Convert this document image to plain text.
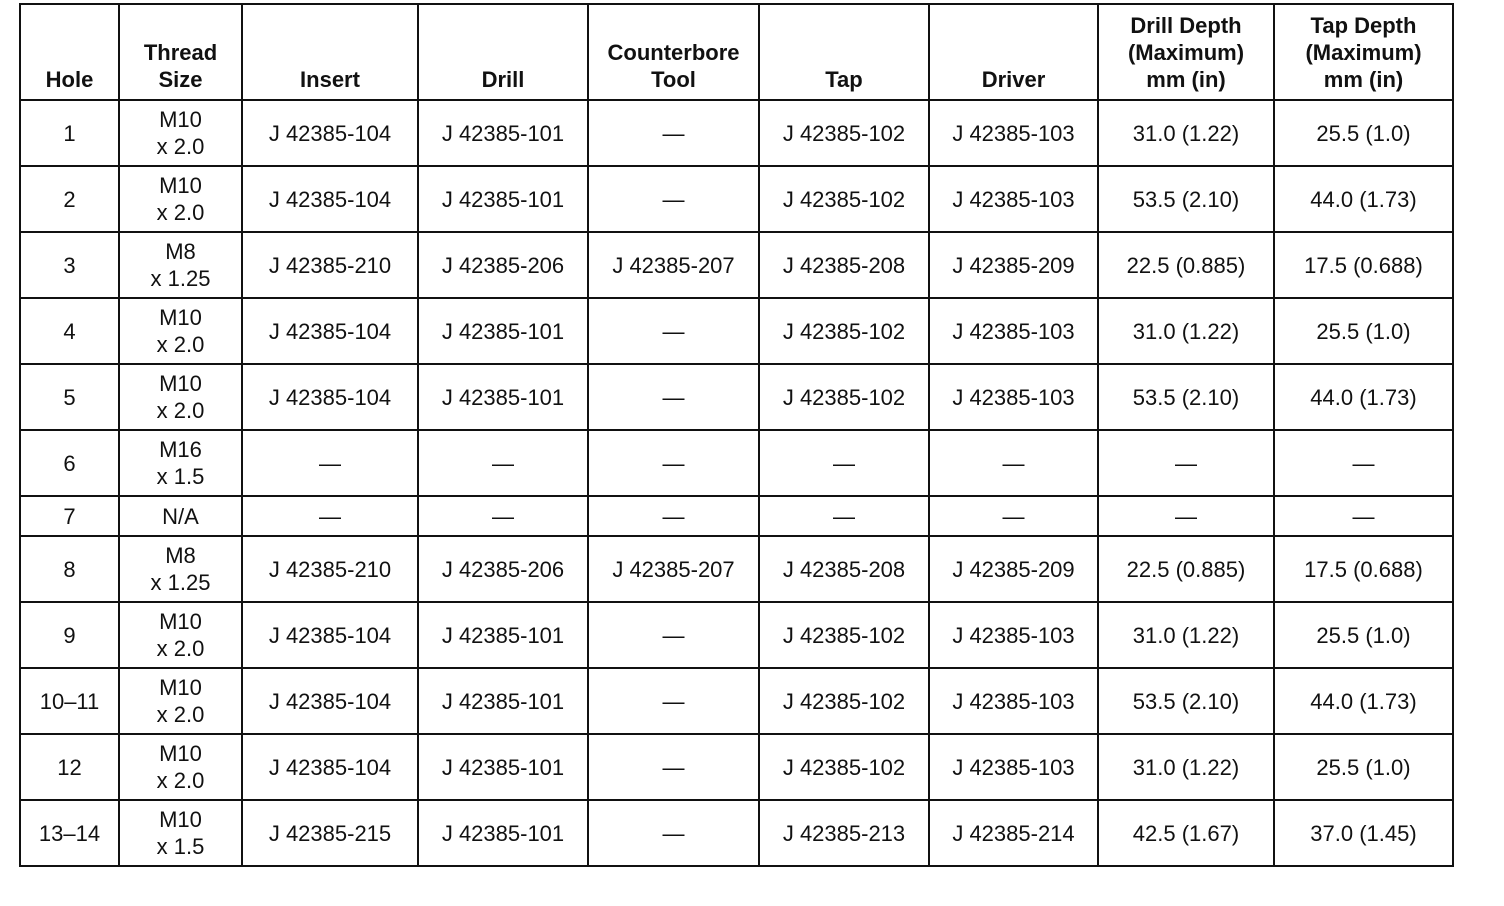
Hole	Thread
Size	Insert	Drill	Counterbore
Tool	Tap	Driver	Drill Depth
(Maximum)
mm (in)	Tap Depth
(Maximum)
mm (in)

1	M10
x 2.0	J 42385-104	J 42385-101	—	J 42385-102	J 42385-103	31.0 (1.22)	25.5 (1.0)
2	M10
x 2.0	J 42385-104	J 42385-101	—	J 42385-102	J 42385-103	53.5 (2.10)	44.0 (1.73)
3	M8
x 1.25	J 42385-210	J 42385-206	J 42385-207	J 42385-208	J 42385-209	22.5 (0.885)	17.5 (0.688)
4	M10
x 2.0	J 42385-104	J 42385-101	—	J 42385-102	J 42385-103	31.0 (1.22)	25.5 (1.0)
5	M10
x 2.0	J 42385-104	J 42385-101	—	J 42385-102	J 42385-103	53.5 (2.10)	44.0 (1.73)
6	M16
x 1.5	—	—	—	—	—	—	—
7	N/A	—	—	—	—	—	—	—
8	M8
x 1.25	J 42385-210	J 42385-206	J 42385-207	J 42385-208	J 42385-209	22.5 (0.885)	17.5 (0.688)
9	M10
x 2.0	J 42385-104	J 42385-101	—	J 42385-102	J 42385-103	31.0 (1.22)	25.5 (1.0)
10–11	M10
x 2.0	J 42385-104	J 42385-101	—	J 42385-102	J 42385-103	53.5 (2.10)	44.0 (1.73)
12	M10
x 2.0	J 42385-104	J 42385-101	—	J 42385-102	J 42385-103	31.0 (1.22)	25.5 (1.0)
13–14	M10
x 1.5	J 42385-215	J 42385-101	—	J 42385-213	J 42385-214	42.5 (1.67)	37.0 (1.45)
